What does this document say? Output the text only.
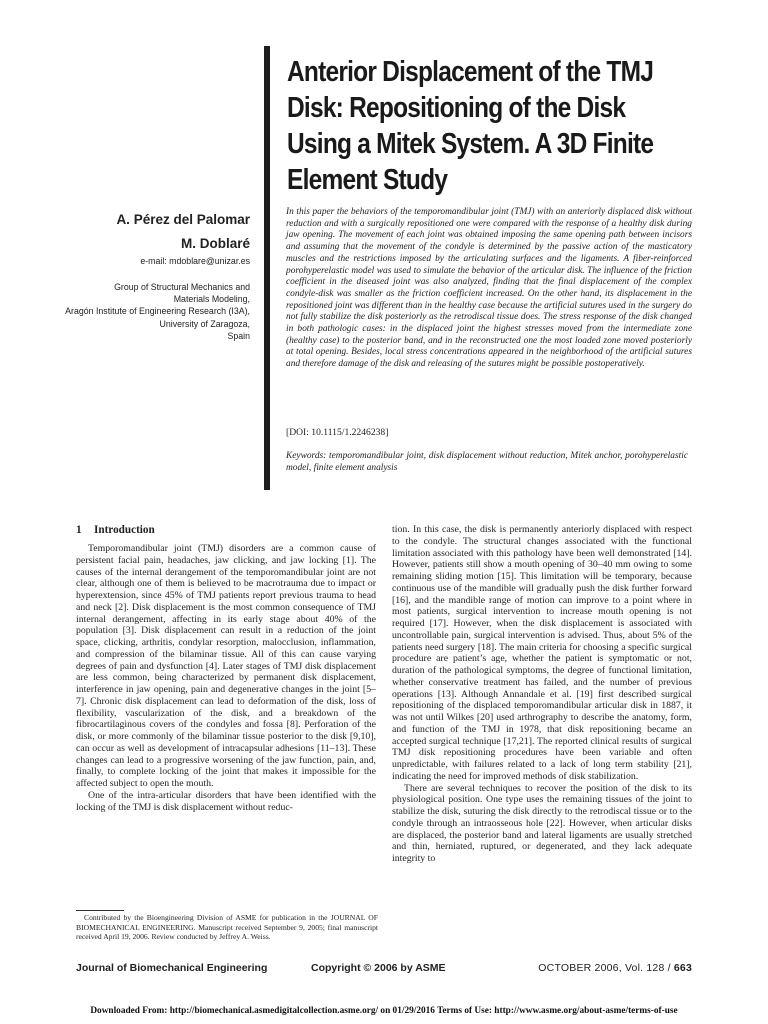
Anterior Displacement of the TMJ Disk: Repositioning of the Disk Using a Mitek System. A 3D Finite Element Study

A. Pérez del Palomar

M. Doblaré

e-mail: mdoblare@unizar.es

Group of Structural Mechanics and
Materials Modeling,
Aragón Institute of Engineering Research (I3A),
University of Zaragoza,
Spain

In this paper the behaviors of the temporomandibular joint (TMJ) with an anteriorly displaced disk without reduction and with a surgically repositioned one were compared with the response of a healthy disk during jaw opening. The movement of each joint was obtained imposing the same opening path between incisors and assuming that the movement of the condyle is determined by the passive action of the masticatory muscles and the restrictions imposed by the articulating surfaces and the ligaments. A fiber-reinforced porohyperelastic model was used to simulate the behavior of the articular disk. The influence of the friction coefficient in the diseased joint was also analyzed, finding that the final displacement of the complex condyle-disk was smaller as the friction coefficient increased. On the other hand, its displacement in the repositioned joint was different than in the healthy case because the artificial sutures used in the surgery do not fully stabilize the disk posteriorly as the retrodiscal tissue does. The stress response of the disk changed in both pathologic cases: in the displaced joint the highest stresses moved from the intermediate zone (healthy case) to the posterior band, and in the reconstructed one the most loaded zone moved posteriorly at total opening. Besides, local stress concentrations appeared in the neighborhood of the artificial sutures and therefore damage of the disk and releasing of the sutures might be possible postoperatively.

[DOI: 10.1115/1.2246238]

Keywords: temporomandibular joint, disk displacement without reduction, Mitek anchor, porohyperelastic model, finite element analysis

1 Introduction

Temporomandibular joint (TMJ) disorders are a common cause of persistent facial pain, headaches, jaw clicking, and jaw locking [1]. The causes of the internal derangement of the temporomandibular joint are not clear, although one of them is believed to be macrotrauma due to impact or hyperextension, since 45% of TMJ patients report previous trauma to head and neck [2]. Disk displacement is the most common consequence of TMJ internal derangement, affecting in its early stage about 40% of the population [3]. Disk displacement can result in a reduction of the joint space, clicking, arthritis, condylar resorption, malocclusion, inflammation, and compression of the bilaminar tissue. All of this can cause varying degrees of pain and dysfunction [4]. Later stages of TMJ disk displacement are less common, being characterized by permanent disk displacement, interference in jaw opening, pain and degenerative changes in the joint [5–7]. Chronic disk displacement can lead to deformation of the disk, loss of flexibility, vascularization of the disk, and a breakdown of the fibrocartilaginous covers of the condyles and fossa [8]. Perforation of the disk, or more commonly of the bilaminar tissue posterior to the disk [9,10], can occur as well as development of intracapsular adhesions [11–13]. These changes can lead to a progressive worsening of the jaw function, pain, and, finally, to complete locking of the joint that makes it impossible for the affected subject to open the mouth.

One of the intra-articular disorders that have been identified with the locking of the TMJ is disk displacement without reduc-

tion. In this case, the disk is permanently anteriorly displaced with respect to the condyle. The structural changes associated with the functional limitation associated with this pathology have been well demonstrated [14]. However, patients still show a mouth opening of 30–40 mm owing to some remaining sliding motion [15]. This limitation will be temporary, because continuous use of the mandible will gradually push the disk further forward [16], and the mandible range of motion can improve to a point where in most patients, surgical intervention to increase mouth opening is not required [17]. However, when the disk displacement is associated with uncontrollable pain, surgical intervention is advised. Thus, about 5% of the patients need surgery [18]. The main criteria for choosing a specific surgical procedure are patient’s age, whether the patient is symptomatic or not, duration of the pathological symptoms, the degree of functional limitation, whether conservative treatment has failed, and the number of previous operations [13]. Although Annandale et al. [19] first described surgical repositioning of the displaced temporomandibular articular disk in 1887, it was not until Wilkes [20] used arthrography to describe the anatomy, form, and function of the TMJ in 1978, that disk repositioning became an accepted surgical technique [17,21]. The reported clinical results of surgical TMJ disk repositioning procedures have been variable and often unpredictable, with failures related to a lack of long term stability [21], indicating the need for improved methods of disk stabilization.

There are several techniques to recover the position of the disk to its physiological position. One type uses the remaining tissues of the joint to stabilize the disk, suturing the disk directly to the retrodiscal tissue or to the condyle through an intraosseous hole [22]. However, when articular disks are displaced, the posterior band and lateral ligaments are usually stretched and thin, herniated, ruptured, or degenerated, and they lack adequate integrity to

Contributed by the Bioengineering Division of ASME for publication in the JOURNAL OF BIOMECHANICAL ENGINEERING. Manuscript received September 9, 2005; final manuscript received April 19, 2006. Review conducted by Jeffrey A. Weiss.

Journal of Biomechanical Engineering	Copyright © 2006 by ASME	OCTOBER 2006, Vol. 128 / 663
Downloaded From: http://biomechanical.asmedigitalcollection.asme.org/ on 01/29/2016 Terms of Use: http://www.asme.org/about-asme/terms-of-use
